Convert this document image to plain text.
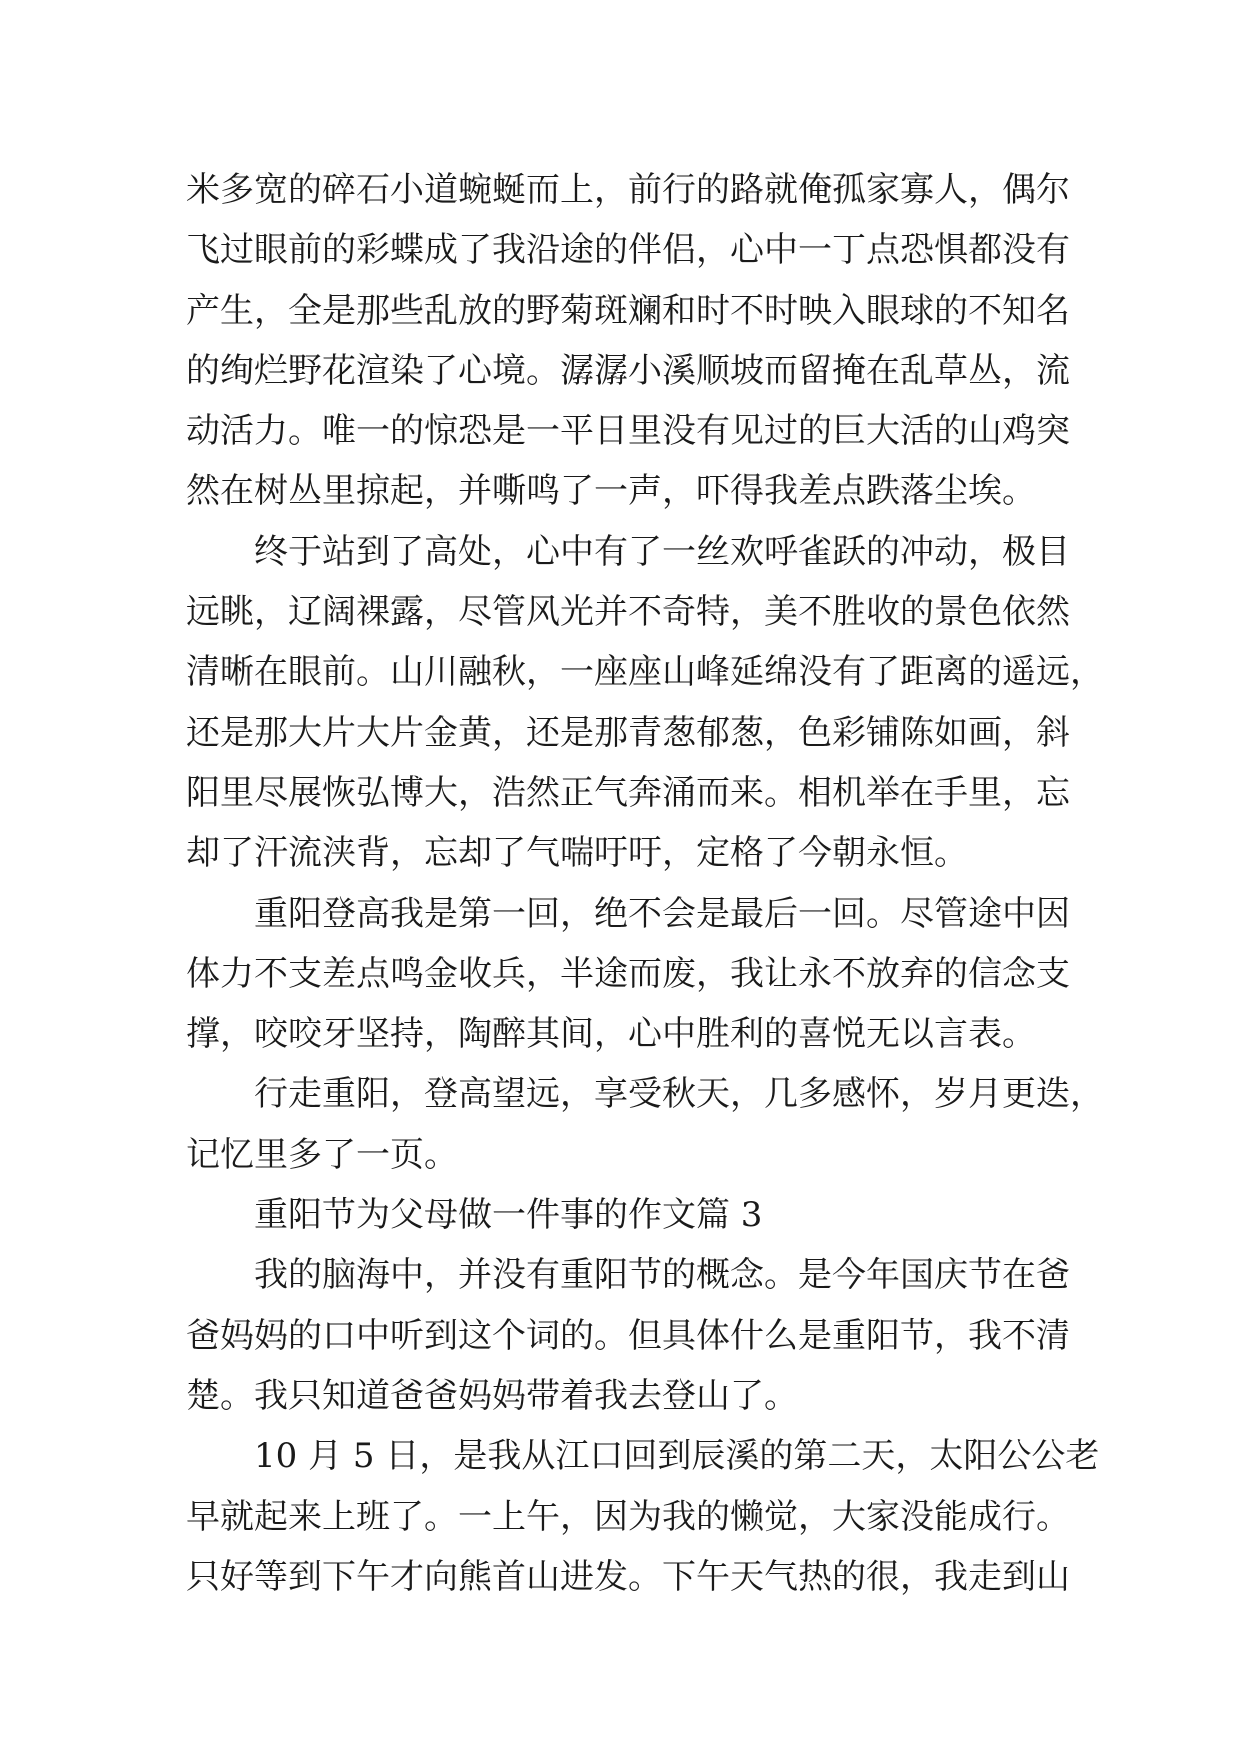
米多宽的碎石小道蜿蜒而上，前行的路就俺孤家寡人，偶尔
飞过眼前的彩蝶成了我沿途的伴侣，心中一丁点恐惧都没有
产生，全是那些乱放的野菊斑斓和时不时映入眼球的不知名
的绚烂野花渲染了心境。潺潺小溪顺坡而留掩在乱草丛，流
动活力。唯一的惊恐是一平日里没有见过的巨大活的山鸡突
然在树丛里掠起，并嘶鸣了一声，吓得我差点跌落尘埃。
终于站到了高处，心中有了一丝欢呼雀跃的冲动，极目
远眺，辽阔裸露，尽管风光并不奇特，美不胜收的景色依然
清晰在眼前。山川融秋，一座座山峰延绵没有了距离的遥远，
还是那大片大片金黄，还是那青葱郁葱，色彩铺陈如画，斜
阳里尽展恢弘博大，浩然正气奔涌而来。相机举在手里，忘
却了汗流浃背，忘却了气喘吁吁，定格了今朝永恒。
重阳登高我是第一回，绝不会是最后一回。尽管途中因
体力不支差点鸣金收兵，半途而废，我让永不放弃的信念支
撑，咬咬牙坚持，陶醉其间，心中胜利的喜悦无以言表。
行走重阳，登高望远，享受秋天，几多感怀，岁月更迭，
记忆里多了一页。
重阳节为父母做一件事的作文篇 3
我的脑海中，并没有重阳节的概念。是今年国庆节在爸
爸妈妈的口中听到这个词的。但具体什么是重阳节，我不清
楚。我只知道爸爸妈妈带着我去登山了。
10 月 5 日，是我从江口回到辰溪的第二天，太阳公公老
早就起来上班了。一上午，因为我的懒觉，大家没能成行。
只好等到下午才向熊首山进发。下午天气热的很，我走到山
